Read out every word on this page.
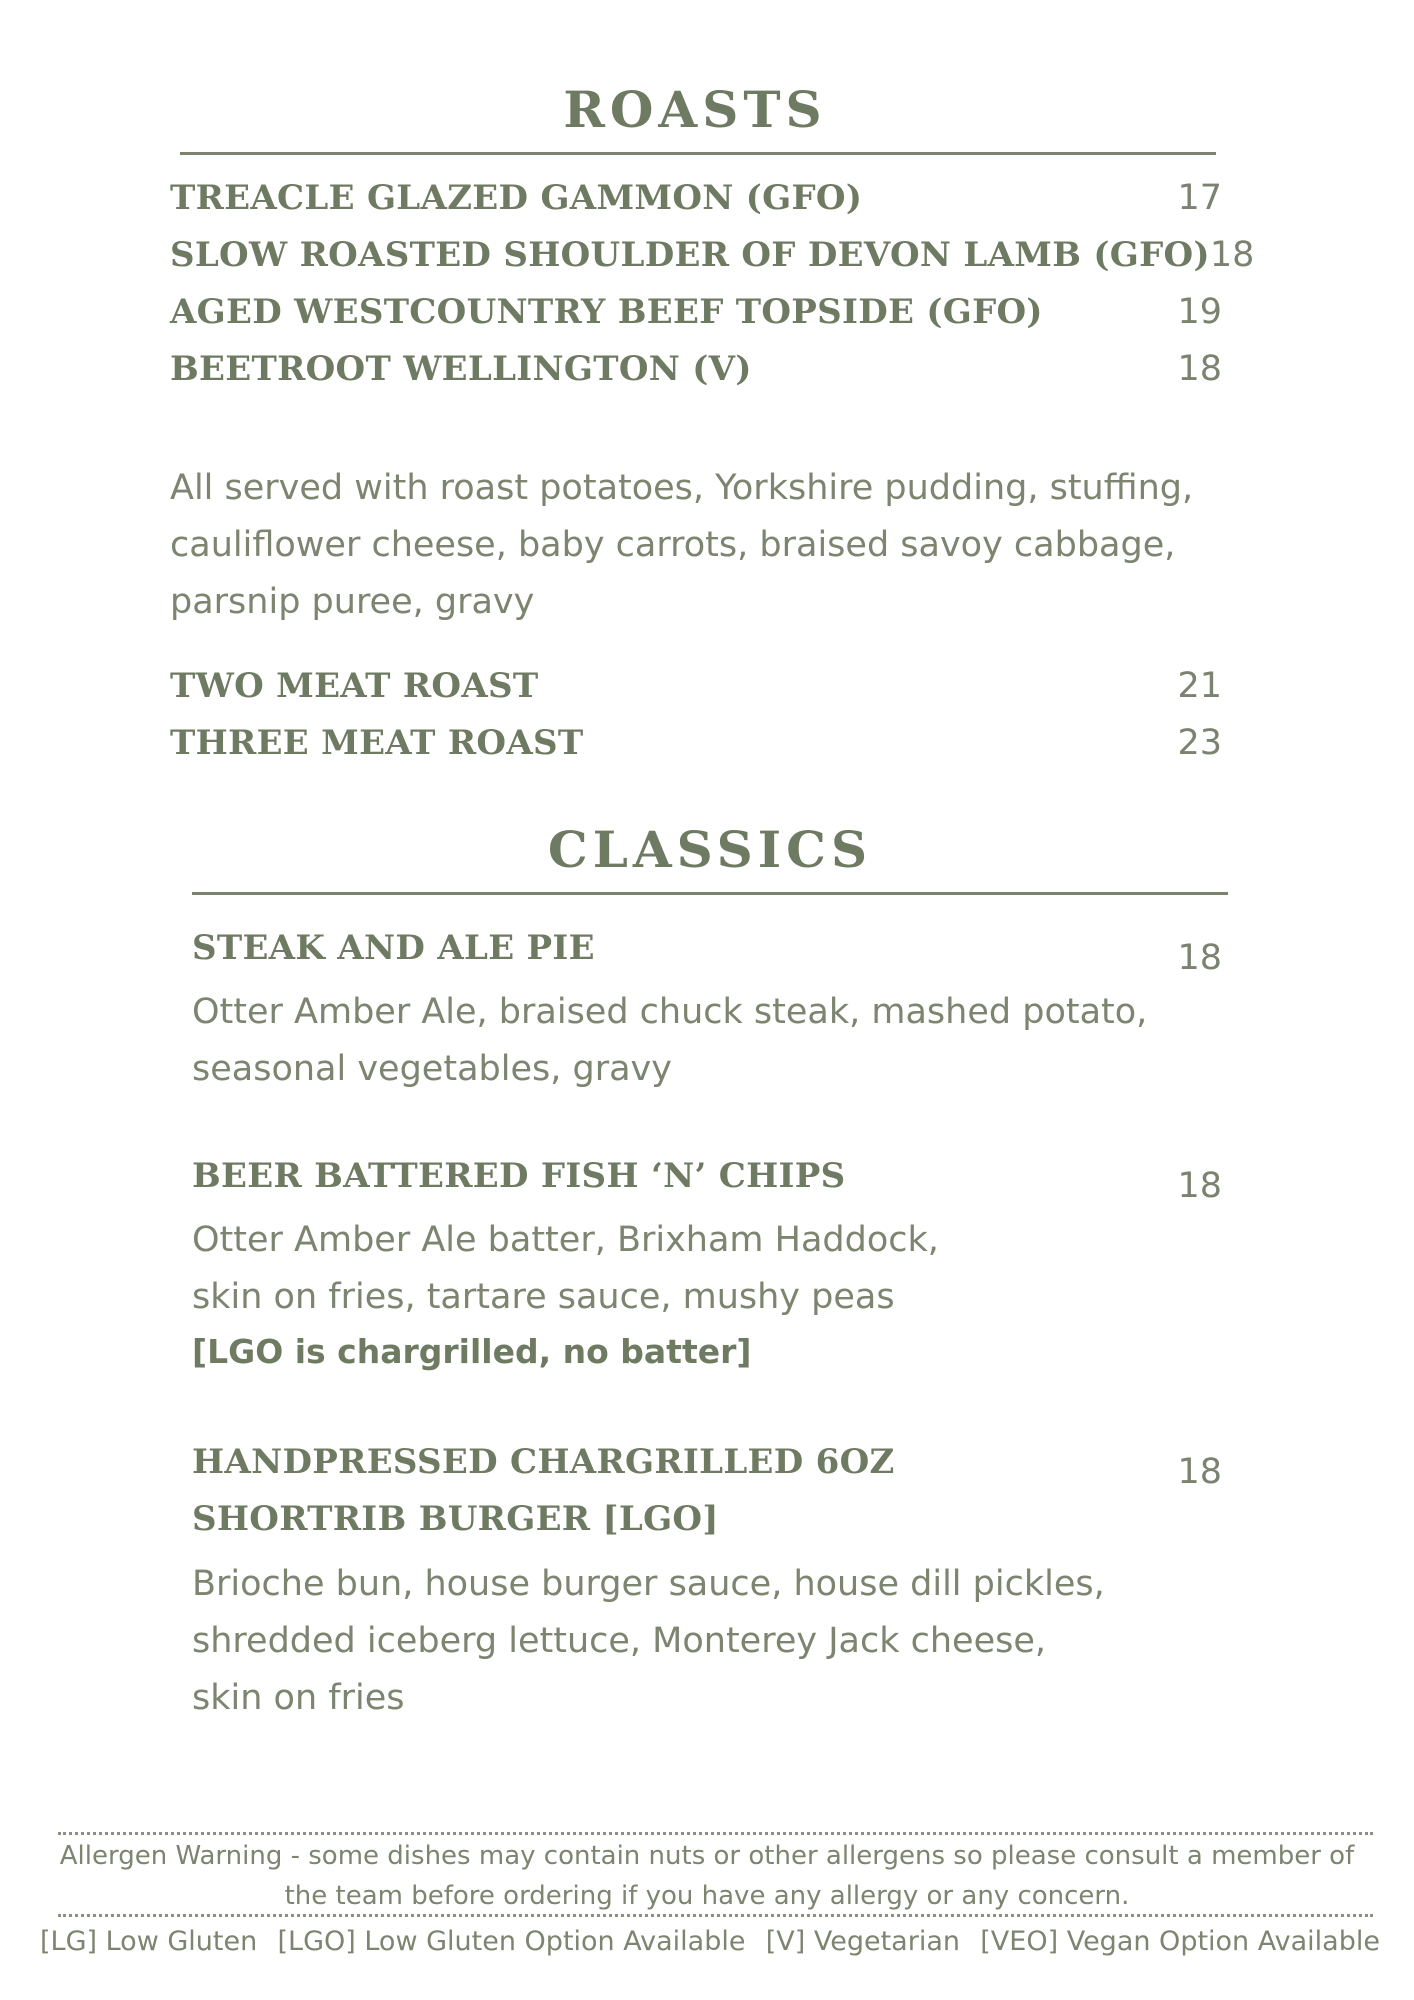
ROASTS
TREACLE GLAZED GAMMON (GFO)	17
SLOW ROASTED SHOULDER OF DEVON LAMB (GFO) 18
AGED WESTCOUNTRY BEEF TOPSIDE (GFO)	19
BEETROOT WELLINGTON (V)	18
All served with roast potatoes, Yorkshire pudding, stuffing,
cauliflower cheese, baby carrots, braised savoy cabbage,
parsnip puree, gravy
TWO MEAT ROAST	21
THREE MEAT ROAST	23
CLASSICS
STEAK AND ALE PIE	18
Otter Amber Ale, braised chuck steak, mashed potato,
seasonal vegetables, gravy
BEER BATTERED FISH ‘N’ CHIPS	18
Otter Amber Ale batter, Brixham Haddock,
skin on fries, tartare sauce, mushy peas
[LGO is chargrilled, no batter]
HANDPRESSED CHARGRILLED 6OZ	18
SHORTRIB BURGER [LGO]
Brioche bun, house burger sauce, house dill pickles,
shredded iceberg lettuce, Monterey Jack cheese,
skin on fries
Allergen Warning - some dishes may contain nuts or other allergens so please consult a member of
the team before ordering if you have any allergy or any concern.
[LG] Low Gluten [LGO] Low Gluten Option Available [V] Vegetarian [VEO] Vegan Option Available
